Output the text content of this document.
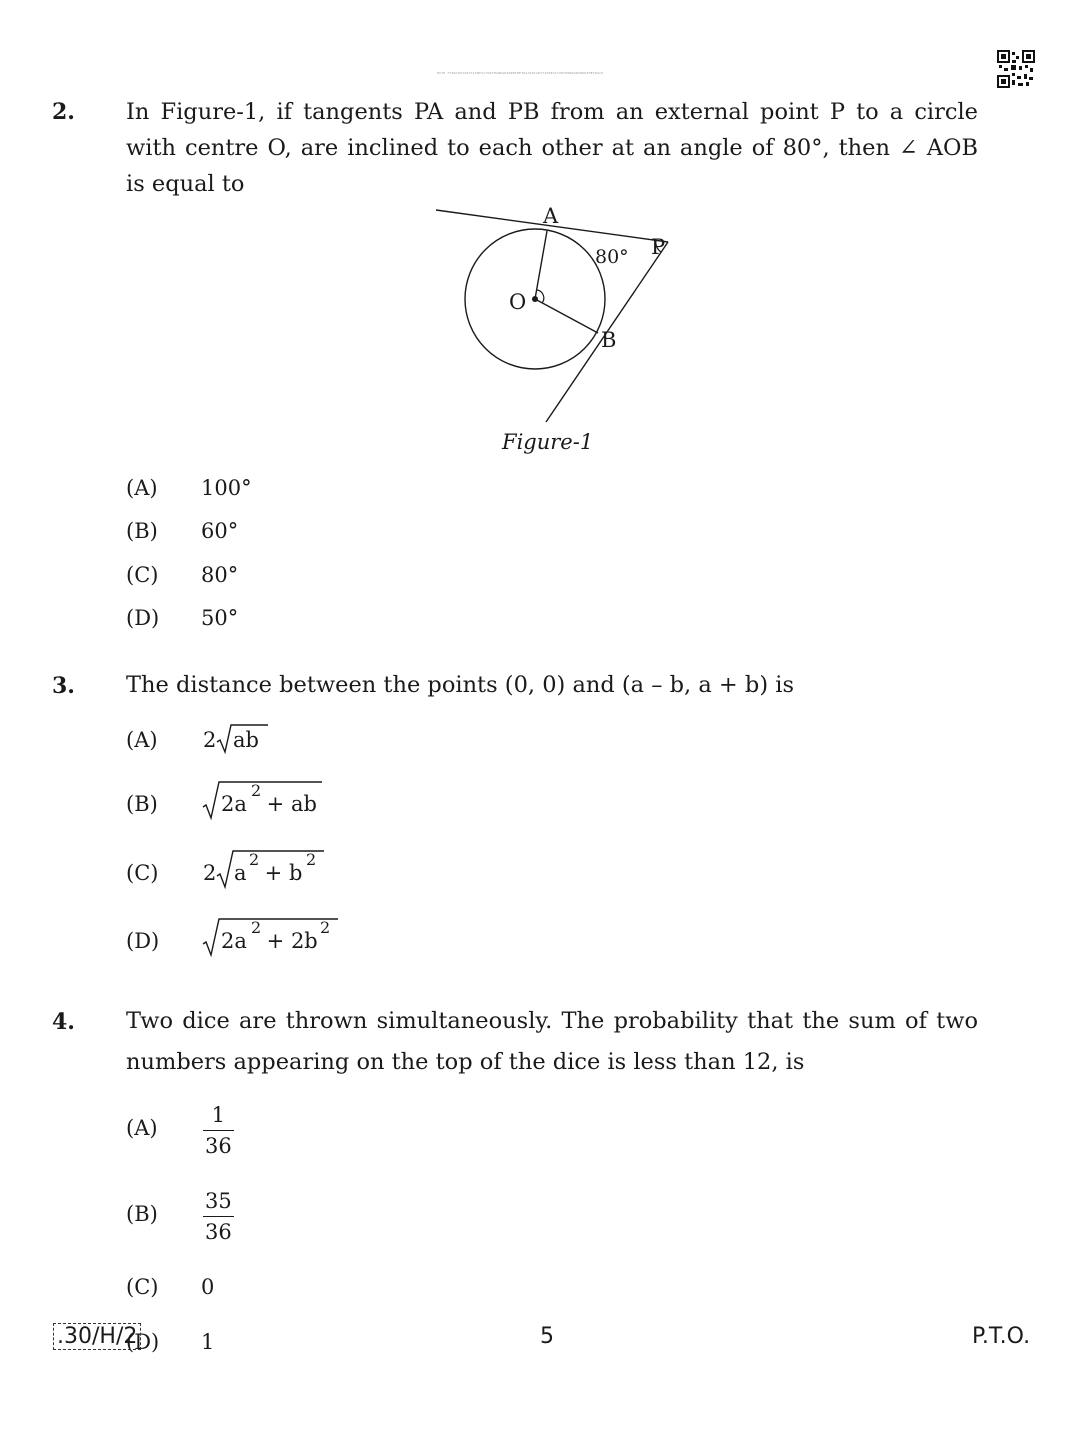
MATH FTRACKDIGESTIONFACTORYMANDARINPRIMETRACKDIGESTIONFACTORYMANDARINPRIMETRACK
2. In Figure-1, if tangents PA and PB from an external point P to a circle
with centre O, are inclined to each other at an angle of 80°, then ∠ AOB
is equal to
A
P
O
B
80°
Figure-1
(A) 100°
(B) 60°
(C) 80°
(D) 50°
3. The distance between the points (0, 0) and (a – b, a + b) is
(A) 2 ab
(B)	2a
2
+ ab
(C) 2 a
2
+ b
2
(D)	2a
2
+ 2b
2
4. Two dice are thrown simultaneously. The probability that the sum of two
numbers appearing on the top of the dice is less than 12, is
(A)
1
36
(B)
35
36
(C) 0
(D) 1
.30/H/2	5	P.T.O.
